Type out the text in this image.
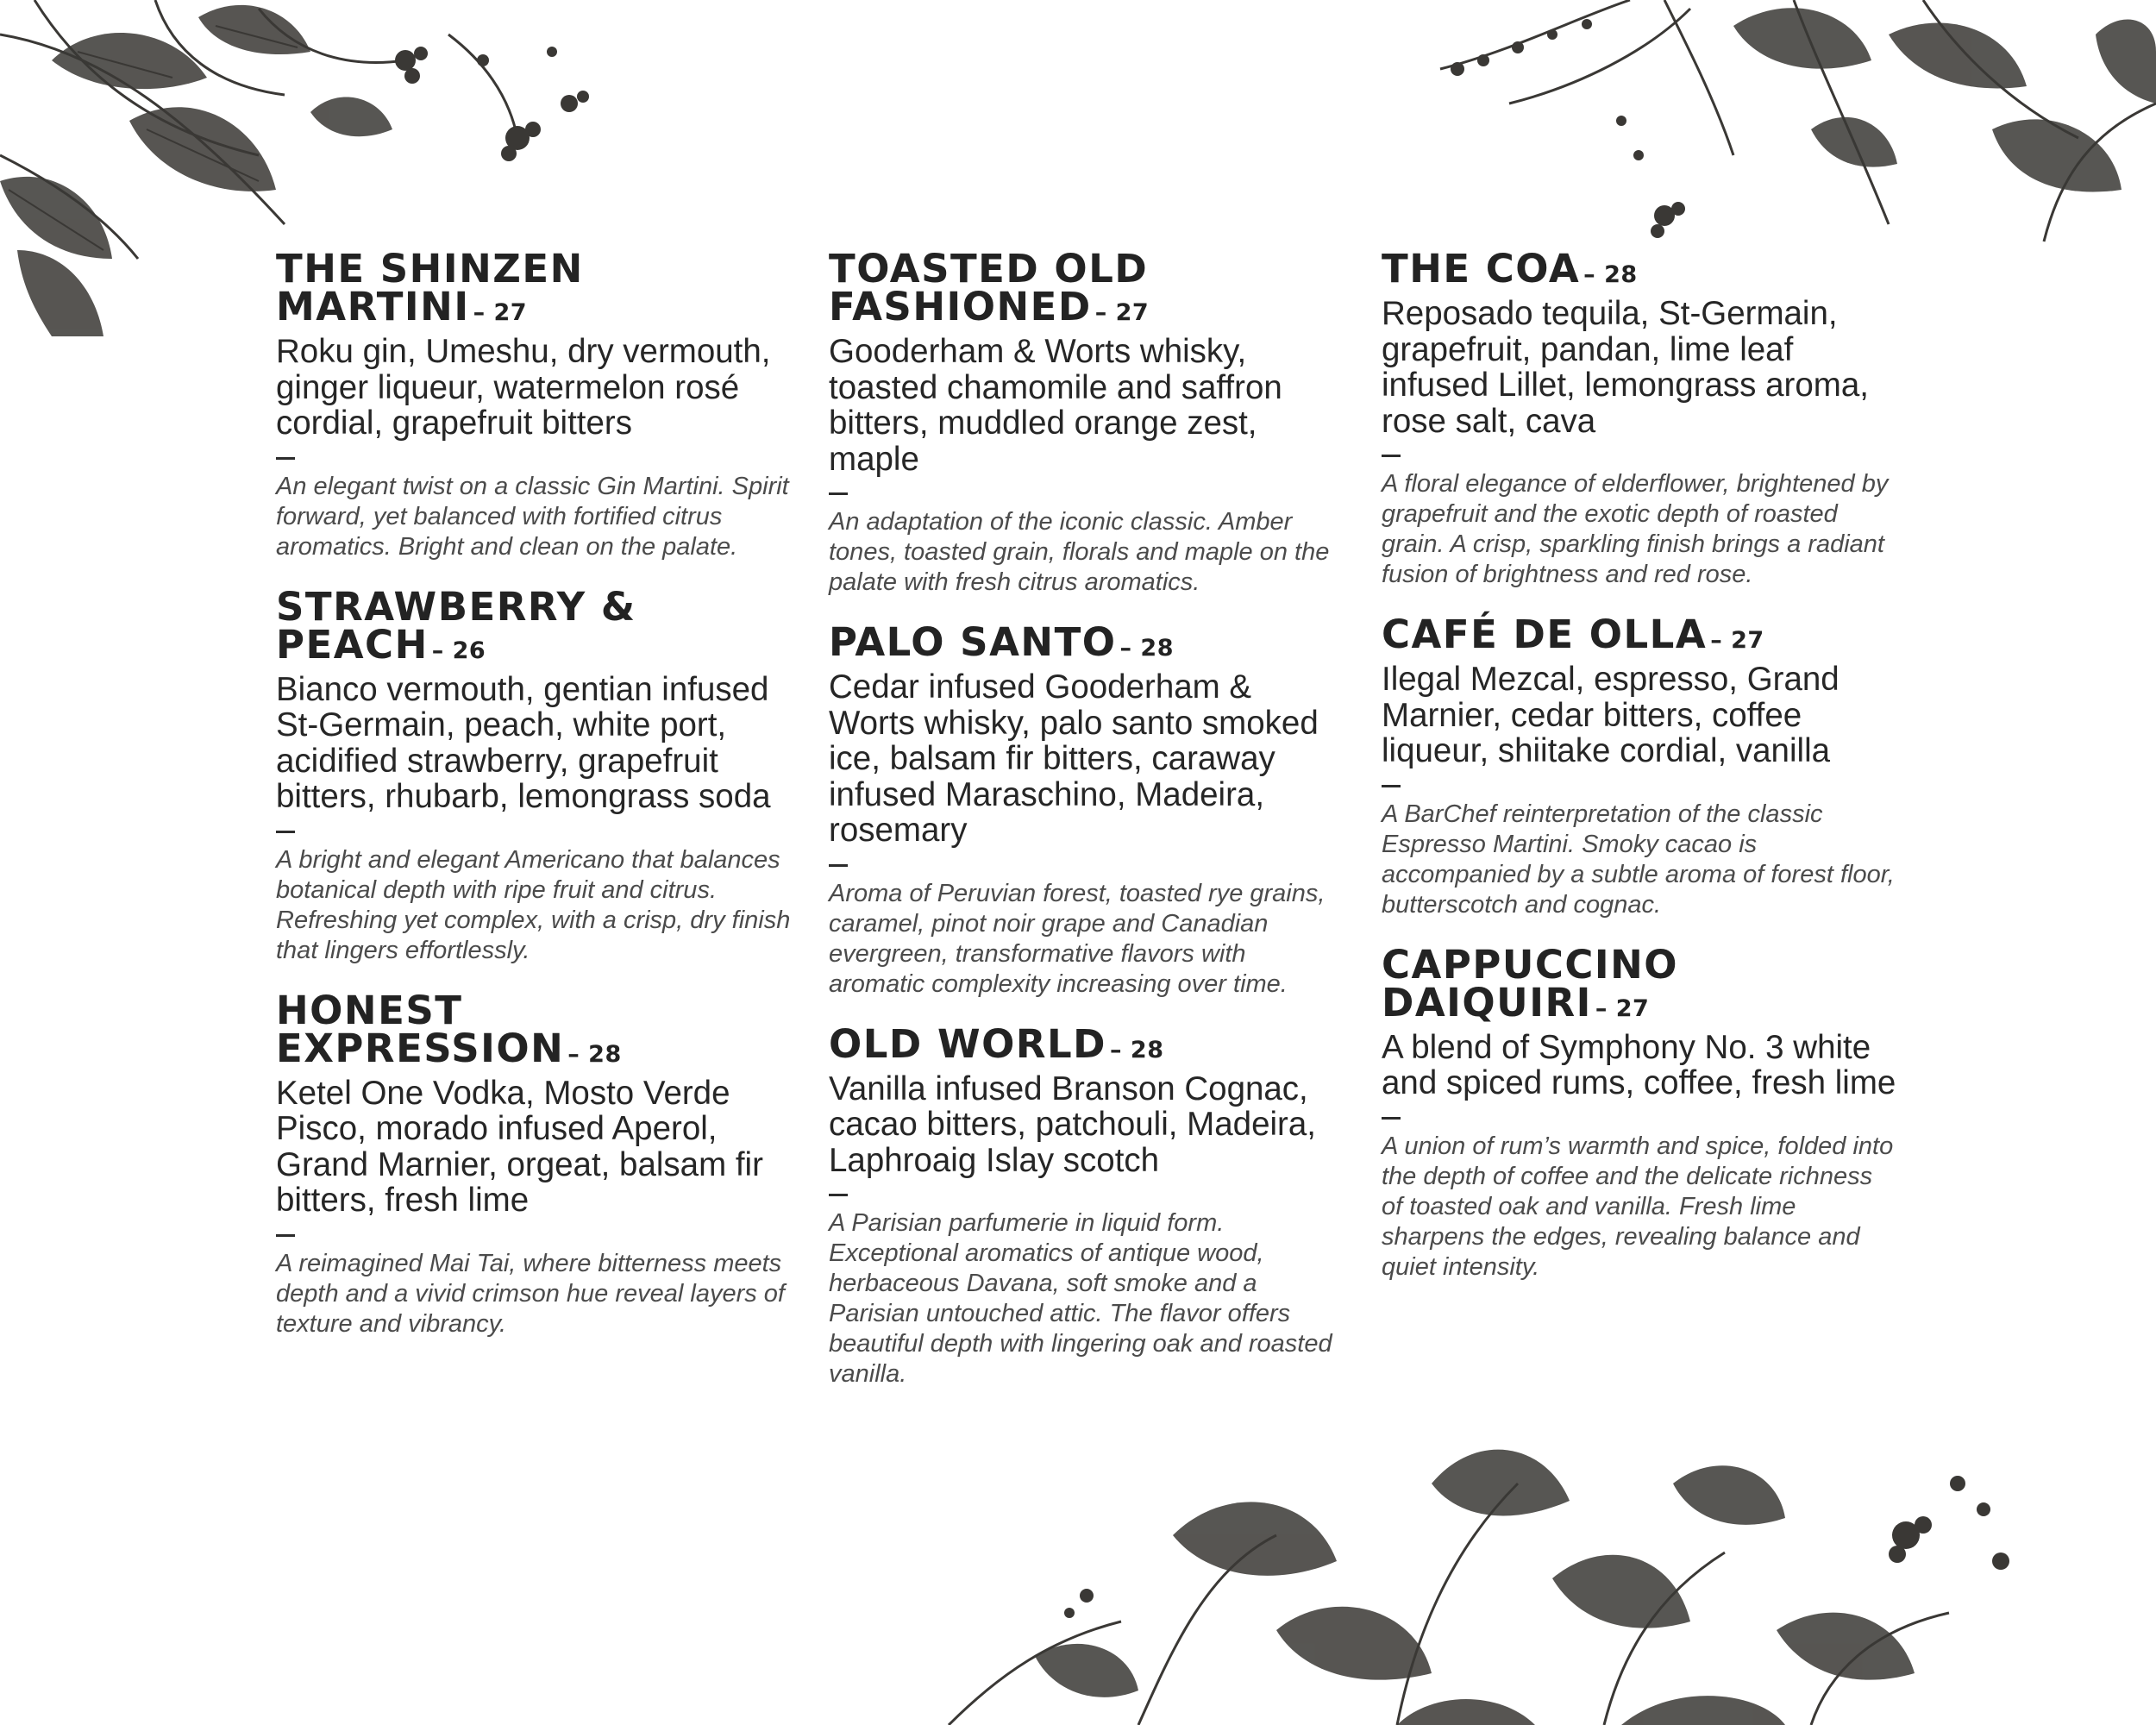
THE SHINZEN MARTINI – 27
Roku gin, Umeshu, dry vermouth, ginger liqueur, watermelon rosé cordial, grapefruit bitters
An elegant twist on a classic Gin Martini. Spirit forward, yet balanced with fortified citrus aromatics. Bright and clean on the palate.
STRAWBERRY & PEACH – 26
Bianco vermouth, gentian infused St-Germain, peach, white port, acidified strawberry, grapefruit bitters, rhubarb, lemongrass soda
A bright and elegant Americano that balances botanical depth with ripe fruit and citrus. Refreshing yet complex, with a crisp, dry finish that lingers effortlessly.
HONEST EXPRESSION – 28
Ketel One Vodka, Mosto Verde Pisco, morado infused Aperol, Grand Marnier, orgeat, balsam fir bitters, fresh lime
A reimagined Mai Tai, where bitterness meets depth and a vivid crimson hue reveal layers of texture and vibrancy.
TOASTED OLD FASHIONED – 27
Gooderham & Worts whisky, toasted chamomile and saffron bitters, muddled orange zest, maple
An adaptation of the iconic classic. Amber tones, toasted grain, florals and maple on the palate with fresh citrus aromatics.
PALO SANTO – 28
Cedar infused Gooderham & Worts whisky, palo santo smoked ice, balsam fir bitters, caraway infused Maraschino, Madeira, rosemary
Aroma of Peruvian forest, toasted rye grains, caramel, pinot noir grape and Canadian evergreen, transformative flavors with aromatic complexity increasing over time.
OLD WORLD – 28
Vanilla infused Branson Cognac, cacao bitters, patchouli, Madeira, Laphroaig Islay scotch
A Parisian parfumerie in liquid form. Exceptional aromatics of antique wood, herbaceous Davana, soft smoke and a Parisian untouched attic. The flavor offers beautiful depth with lingering oak and roasted vanilla.
THE COA – 28
Reposado tequila, St-Germain, grapefruit, pandan, lime leaf infused Lillet, lemongrass aroma, rose salt, cava
A floral elegance of elderflower, brightened by grapefruit and the exotic depth of roasted grain. A crisp, sparkling finish brings a radiant fusion of brightness and red rose.
CAFÉ DE OLLA – 27
Ilegal Mezcal, espresso, Grand Marnier, cedar bitters, coffee liqueur, shiitake cordial, vanilla
A BarChef reinterpretation of the classic Espresso Martini. Smoky cacao is accompanied by a subtle aroma of forest floor, butterscotch and cognac.
CAPPUCCINO DAIQUIRI – 27
A blend of Symphony No. 3 white and spiced rums, coffee, fresh lime
A union of rum’s warmth and spice, folded into the depth of coffee and the delicate richness of toasted oak and vanilla. Fresh lime sharpens the edges, revealing balance and quiet intensity.
